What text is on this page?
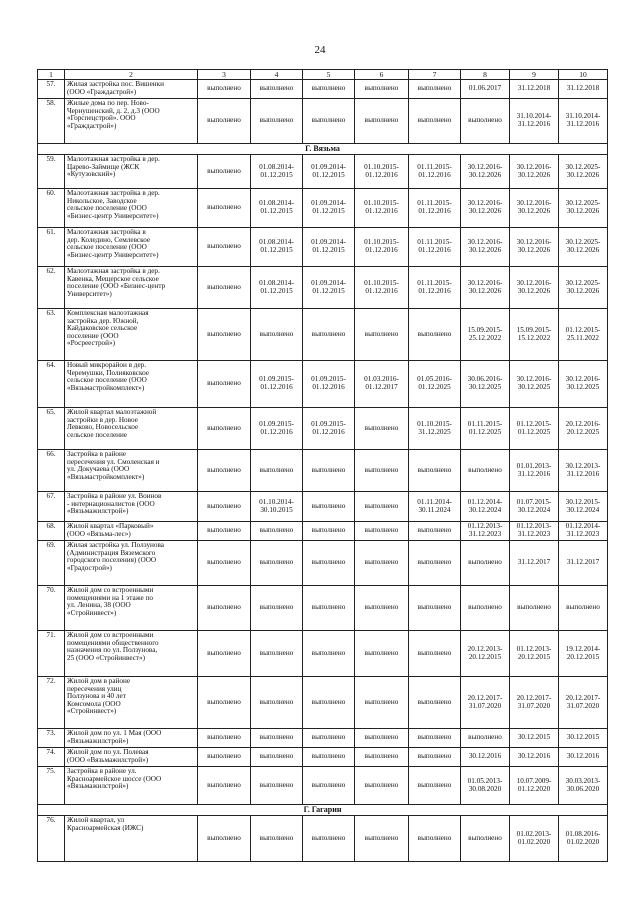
24
1	2	3	4	5	6	7	8	9	10
57.	Жилая застройка пос. Вишенки
(ООО «Граждастрой»)	выполнено	выполнено	выполнено	выполнено	выполнено	01.06.2017	31.12.2018	31.12.2018

58.	Жилые дома по пер. Ново-
Чернушенский, д. 2, д.3 (ООО
«Горспецстрой». ООО
«Граждастрой»)	выполнено	выполнено	выполнено	выполнено	выполнено	выполнено	31.10.2014-
31.12.2016	31.10.2014-
31.12.2016

Г. Вязьма									
59.	Малоэтажная застройка в дер.
Царево-Займище (ЖСК
«Кутузовский»)	выполнено	01.08.2014-
01.12.2015	01.09.2014-
01.12.2015	01.10.2015-
01.12.2016	01.11.2015-
01.12.2016	30.12.2016-
30.12.2026	30.12.2016-
30.12.2026	30.12.2025-
30.12.2026

60.	Малоэтажная застройка в дер.
Никольское, Заводское
сельское поселение (ООО
«Бизнес-центр Университет»)	выполнено	01.08.2014-
01.12.2015	01.09.2014-
01.12.2015	01.10.2015-
01.12.2016	01.11.2015-
01.12.2016	30.12.2016-
30.12.2026	30.12.2016-
30.12.2026	30.12.2025-
30.12.2026

61.	Малоэтажная застройка в
дер. Коледино, Семлевское
сельское поселение (ООО
«Бизнес-центр Университет»)	выполнено	01.08.2014-
01.12.2015	01.09.2014-
01.12.2015	01.10.2015-
01.12.2016	01.11.2015-
01.12.2016	30.12.2016-
30.12.2026	30.12.2016-
30.12.2026	30.12.2025-
30.12.2026

62.	Малоэтажная застройка в дер.
Кавенка, Мещерское сельское
поселение (ООО «Бизнес-центр
Университет»)	выполнено	01.08.2014-
01.12.2015	01.09.2014-
01.12.2015	01.10.2015-
01.12.2016	01.11.2015-
01.12.2016	30.12.2016-
30.12.2026	30.12.2016-
30.12.2026	30.12.2025-
30.12.2026

63.	Комплексная малоэтажная
застройка дер. Южной,
Кайдаковское сельское
поселение (ООО
«Росреестрой»)	выполнено	выполнено	выполнено	выполнено	выполнено	15.09.2015-
25.12.2022	15.09.2015-
15.12.2022	01.12.2015-
25.11.2022

64.	Новый микрорайон в дер.
Черемушки, Полияковское
сельское поселение (ООО
«Вязьмастройкомплект»)	выполнено	01.09.2015-
01.12.2016	01.09.2015-
01.12.2016	01.03.2016-
01.12.2017	01.05.2016-
01.12.2025	30.06.2016-
30.12.2025	30.12.2016-
30.12.2025	30.12.2016-
30.12.2025

65.	Жилой квартал малоэтажной
застройки в дер. Новое
Левково, Новосельское
сельское поселение	выполнено	01.09.2015-
01.12.2016	01.09.2015-
01.12.2016	выполнено	01.10.2015-
31.12.2025	01.11.2015-
01.12.2025	01.12.2015-
01.12.2025	20.12.2016-
20.12.2025

66.	Застройка в районе
пересечения ул. Смоленская и
ул. Докучаева (ООО
«Вязьмастройкомплект»)	выполнено	выполнено	выполнено	выполнено	выполнено	выполнено	01.01.2013-
31.12.2016	30.12.2013-
31.12.2016

67.	Застройка в районе ул. Воинов
- интернационалистов (ООО
«Вязьмажилстрой»)	выполнено	01.10.2014-
30.10.2015	выполнено	выполнено	01.11.2014-
30.11.2024	01.12.2014-
30.12.2024	01.07.2015-
30.12.2024	30.12.2015-
30.12.2024

68.	Жилой квартал «Парковый»
(ООО «Вязьма-лес»)	выполнено	выполнено	выполнено	выполнено	выполнено	01.12.2013-
31.12.2023	01.12.2013-
31.12.2023	01.12.2014-
31.12.2023

69.	Жилая застройка ул. Ползунова
(Администрация Вяземского
городского поселения) (ООО
«Градострой»)	выполнено	выполнено	выполнено	выполнено	выполнено	выполнено	31.12.2017	31.12.2017

70.	Жилой дом со встроенными
помещениями на 1 этаже по
ул. Ленина, 38 (ООО
«Стройинвест»)	выполнено	выполнено	выполнено	выполнено	выполнено	выполнено	выполнено	выполнено

71.	Жилой дом со встроенными
помещениями общественного
назначения по ул. Ползунова,
25 (ООО «Стройинвест»)	выполнено	выполнено	выполнено	выполнено	выполнено	20.12.2013-
20.12.2015	01.12.2013-
20.12.2015	19.12.2014-
20.12.2015

72.	Жилой дом в районе
пересечения улиц
Ползунова и 40 лет
Комсомола (ООО
«Стройинвест»)	выполнено	выполнено	выполнено	выполнено	выполнено	20.12.2017-
31.07.2020	20.12.2017-
31.07.2020	20.12.2017-
31.07.2020

73.	Жилой дом по ул. 1 Мая (ООО
«Вязьмажилстрой»)	выполнено	выполнено	выполнено	выполнено	выполнено	выполнено	30.12.2015	30.12.2015

74.	Жилой дом по ул. Полевая
(ООО «Вязьмажилстрой»)	выполнено	выполнено	выполнено	выполнено	выполнено	30.12.2016	30.12.2016	30.12.2016

75.	Застройка в районе ул.
Красноармейское шоссе (ООО
«Вязьмажилстрой»)	выполнено	выполнено	выполнено	выполнено	выполнено	01.05.2013-
30.08.2020	10.07.2009-
01.12.2020	30.03.2013-
30.06.2020

Г. Гагарин									
76.	Жилой квартал, ул
Красноармейская (ИЖС)	выполнено	выполнено	выполнено	выполнено	выполнено	выполнено	01.02.2013-
01.02.2020	01.08.2016-
01.02.2020
